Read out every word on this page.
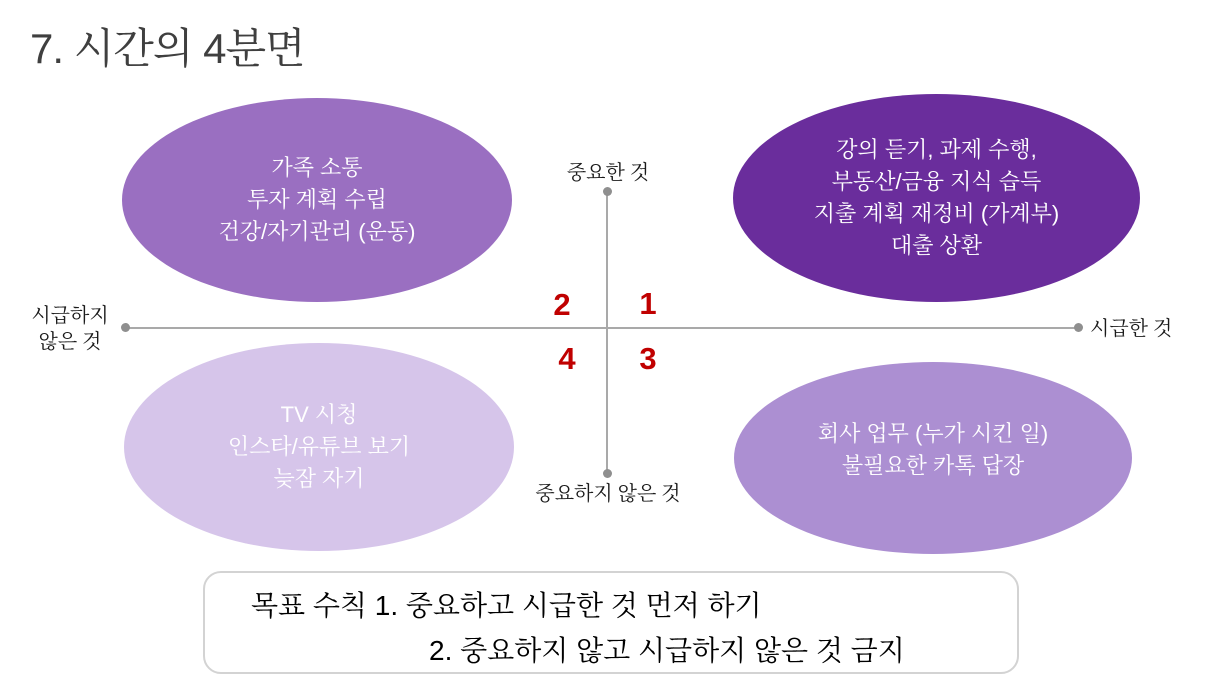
7. 시간의 4분면
가족 소통
투자 계획 수립
건강/자기관리 (운동)
강의 듣기, 과제 수행,
부동산/금융 지식 습득
지출 계획 재정비 (가계부)
대출 상환
TV 시청
인스타/유튜브 보기
늦잠 자기
회사 업무 (누가 시킨 일)
불필요한 카톡 답장
중요한 것
중요하지 않은 것
시급하지
않은 것
시급한 것
2	1
4	3
목표 수칙 1. 중요하고 시급한 것 먼저 하기
2. 중요하지 않고 시급하지 않은 것 금지
